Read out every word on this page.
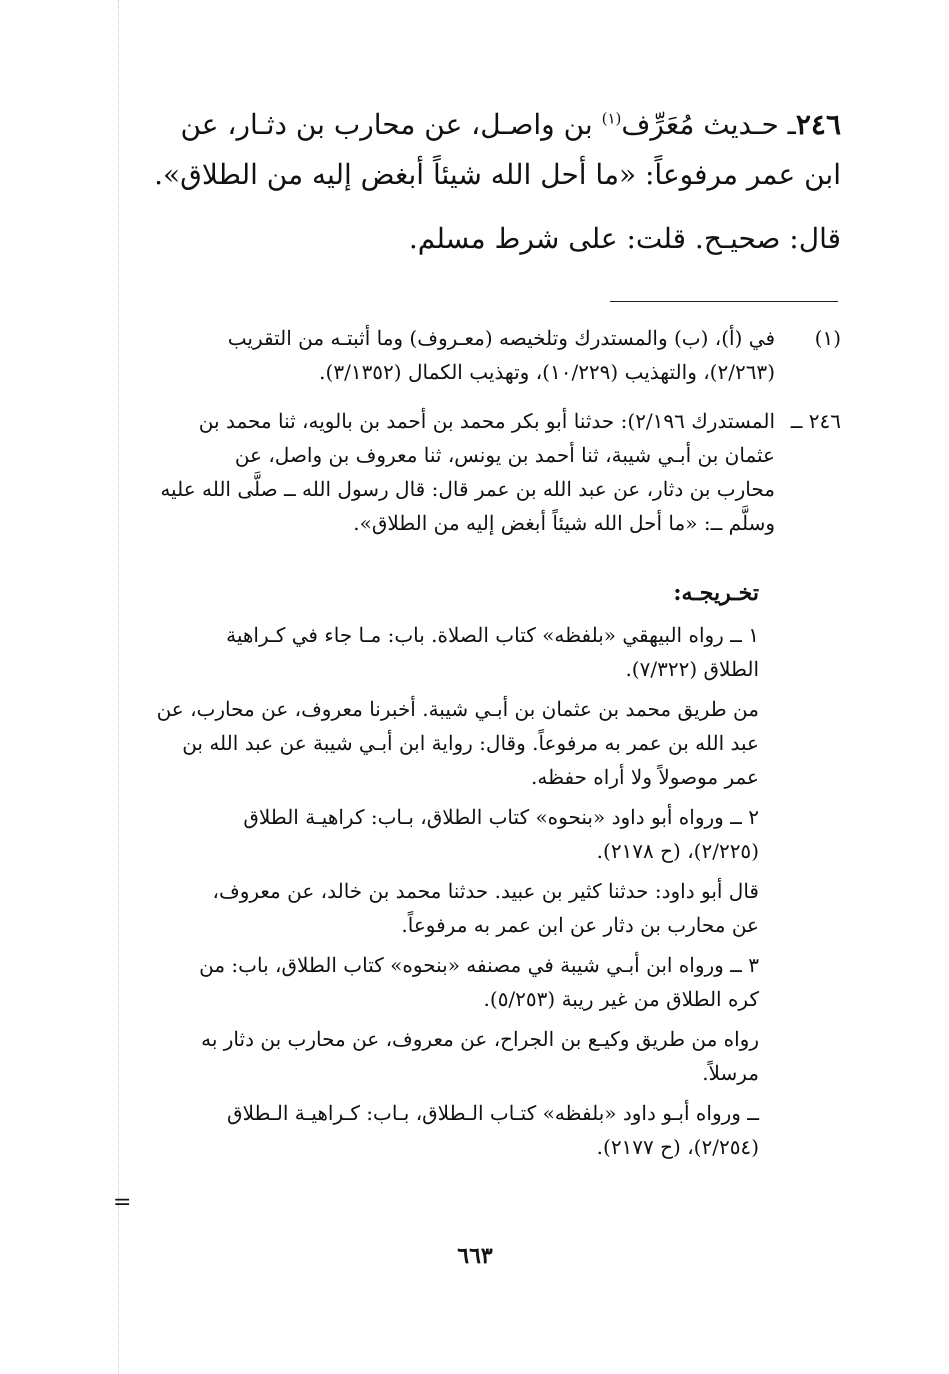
٢٤٦ـ حـديث مُعَرِّف$^{(١)}$ بن واصـل، عن محارب بن دثـار، عن
ابن عمر مرفوعاً: «ما أحل الله شيئاً أبغض إليه من الطلاق».
قال: صحيـح. قلت: على شرط مسلم.
(١)
في (أ)، (ب) والمستدرك وتلخيصه (معـروف) وما أثبتـه من التقريب
(٢/٢٦٣)، والتهذيب (١٠/٢٢٩)، وتهذيب الكمال (٣/١٣٥٢).
٢٤٦ ــ
المستدرك ٢/١٩٦): حدثنا أبو بكر محمد بن أحمد بن بالويه، ثنا محمد بن
عثمان بن أبـي شيبة، ثنا أحمد بن يونس، ثنا معروف بن واصل، عن
محارب بن دثار، عن عبد الله بن عمر قال: قال رسول الله ــ صلَّى الله عليه
وسلَّم ــ: «ما أحل الله شيئاً أبغض إليه من الطلاق».
تخـريجـه:
١ ــ رواه البيهقي «بلفظه» كتاب الصلاة. باب: مـا جاء في كـراهية
الطلاق (٧/٣٢٢).
من طريق محمد بن عثمان بن أبـي شيبة. أخبرنا معروف، عن محارب، عن
عبد الله بن عمر به مرفوعاً. وقال: رواية ابن أبـي شيبة عن عبد الله بن
عمر موصولاً ولا أراه حفظه.
٢ ــ ورواه أبو داود «بنحوه» كتاب الطلاق، بـاب: كراهيـة الطلاق
(٢/٢٢٥)، (ح ٢١٧٨).
قال أبو داود: حدثنا كثير بن عبيد. حدثنا محمد بن خالد، عن معروف،
عن محارب بن دثار عن ابن عمر به مرفوعاً.
٣ ــ ورواه ابن أبـي شيبة في مصنفه «بنحوه» كتاب الطلاق، باب: من
كره الطلاق من غير ريبة (٥/٢٥٣).
رواه من طريق وكيـع بن الجراح، عن معروف، عن محارب بن دثار به
مرسلاً.
ــ ورواه أبـو داود «بلفظه» كتـاب الـطلاق، بـاب: كـراهيـة الـطلاق
(٢/٢٥٤)، (ح ٢١٧٧).
=
٦٦٣
